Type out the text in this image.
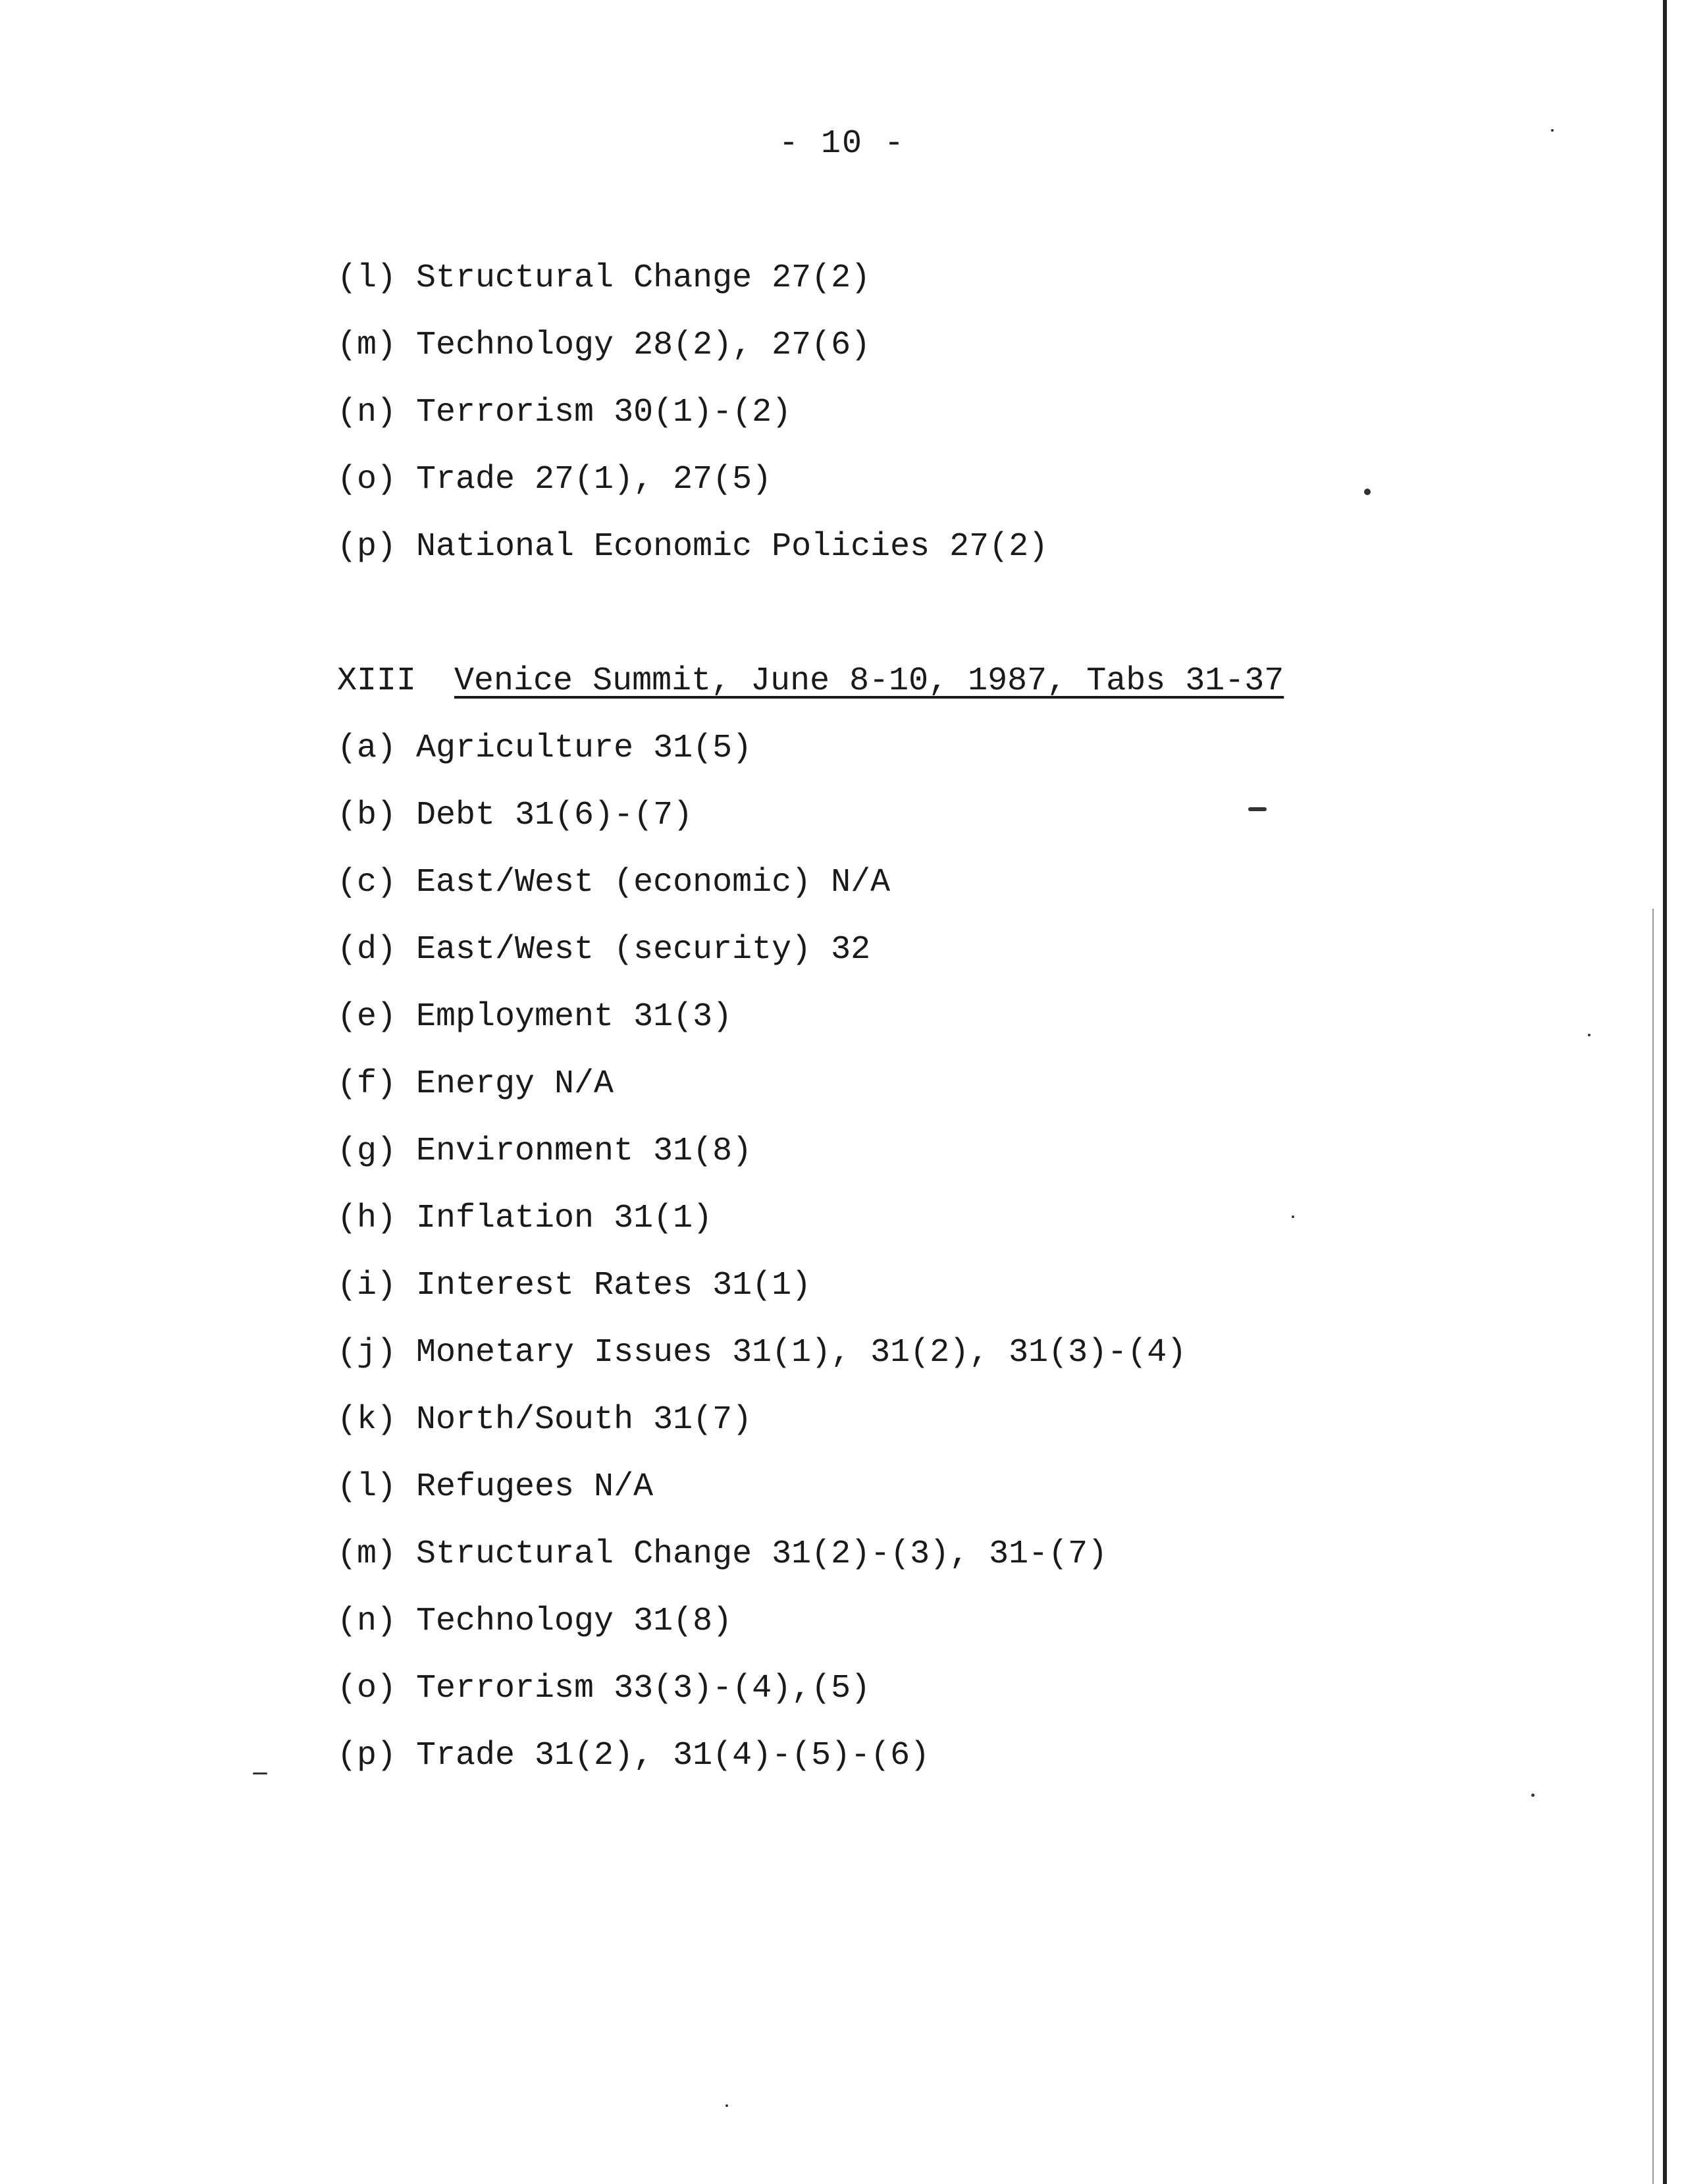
- 10 -
(l) Structural Change 27(2)
(m) Technology 28(2), 27(6)
(n) Terrorism 30(1)-(2)
(o) Trade 27(1), 27(5)
(p) National Economic Policies 27(2)
XIII Venice Summit, June 8-10, 1987, Tabs 31-37
(a) Agriculture 31(5)
(b) Debt 31(6)-(7)
(c) East/West (economic) N/A
(d) East/West (security) 32
(e) Employment 31(3)
(f) Energy N/A
(g) Environment 31(8)
(h) Inflation 31(1)
(i) Interest Rates 31(1)
(j) Monetary Issues 31(1), 31(2), 31(3)-(4)
(k) North/South 31(7)
(l) Refugees N/A
(m) Structural Change 31(2)-(3), 31-(7)
(n) Technology 31(8)
(o) Terrorism 33(3)-(4),(5)
(p) Trade 31(2), 31(4)-(5)-(6)
